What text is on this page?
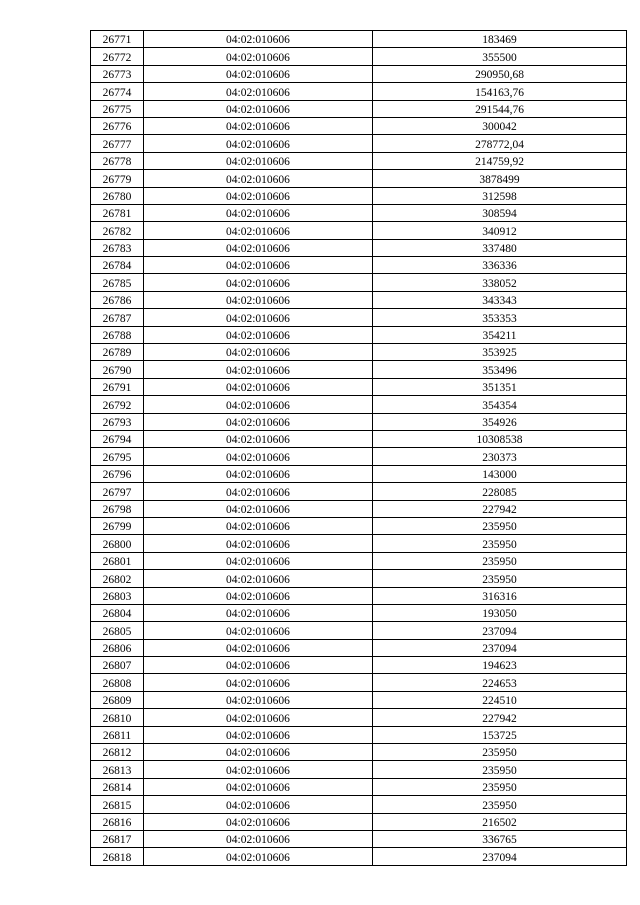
26771	04:02:010606	183469
26772	04:02:010606	355500
26773	04:02:010606	290950,68
26774	04:02:010606	154163,76
26775	04:02:010606	291544,76
26776	04:02:010606	300042
26777	04:02:010606	278772,04
26778	04:02:010606	214759,92
26779	04:02:010606	3878499
26780	04:02:010606	312598
26781	04:02:010606	308594
26782	04:02:010606	340912
26783	04:02:010606	337480
26784	04:02:010606	336336
26785	04:02:010606	338052
26786	04:02:010606	343343
26787	04:02:010606	353353
26788	04:02:010606	354211
26789	04:02:010606	353925
26790	04:02:010606	353496
26791	04:02:010606	351351
26792	04:02:010606	354354
26793	04:02:010606	354926
26794	04:02:010606	10308538
26795	04:02:010606	230373
26796	04:02:010606	143000
26797	04:02:010606	228085
26798	04:02:010606	227942
26799	04:02:010606	235950
26800	04:02:010606	235950
26801	04:02:010606	235950
26802	04:02:010606	235950
26803	04:02:010606	316316
26804	04:02:010606	193050
26805	04:02:010606	237094
26806	04:02:010606	237094
26807	04:02:010606	194623
26808	04:02:010606	224653
26809	04:02:010606	224510
26810	04:02:010606	227942
26811	04:02:010606	153725
26812	04:02:010606	235950
26813	04:02:010606	235950
26814	04:02:010606	235950
26815	04:02:010606	235950
26816	04:02:010606	216502
26817	04:02:010606	336765
26818	04:02:010606	237094
